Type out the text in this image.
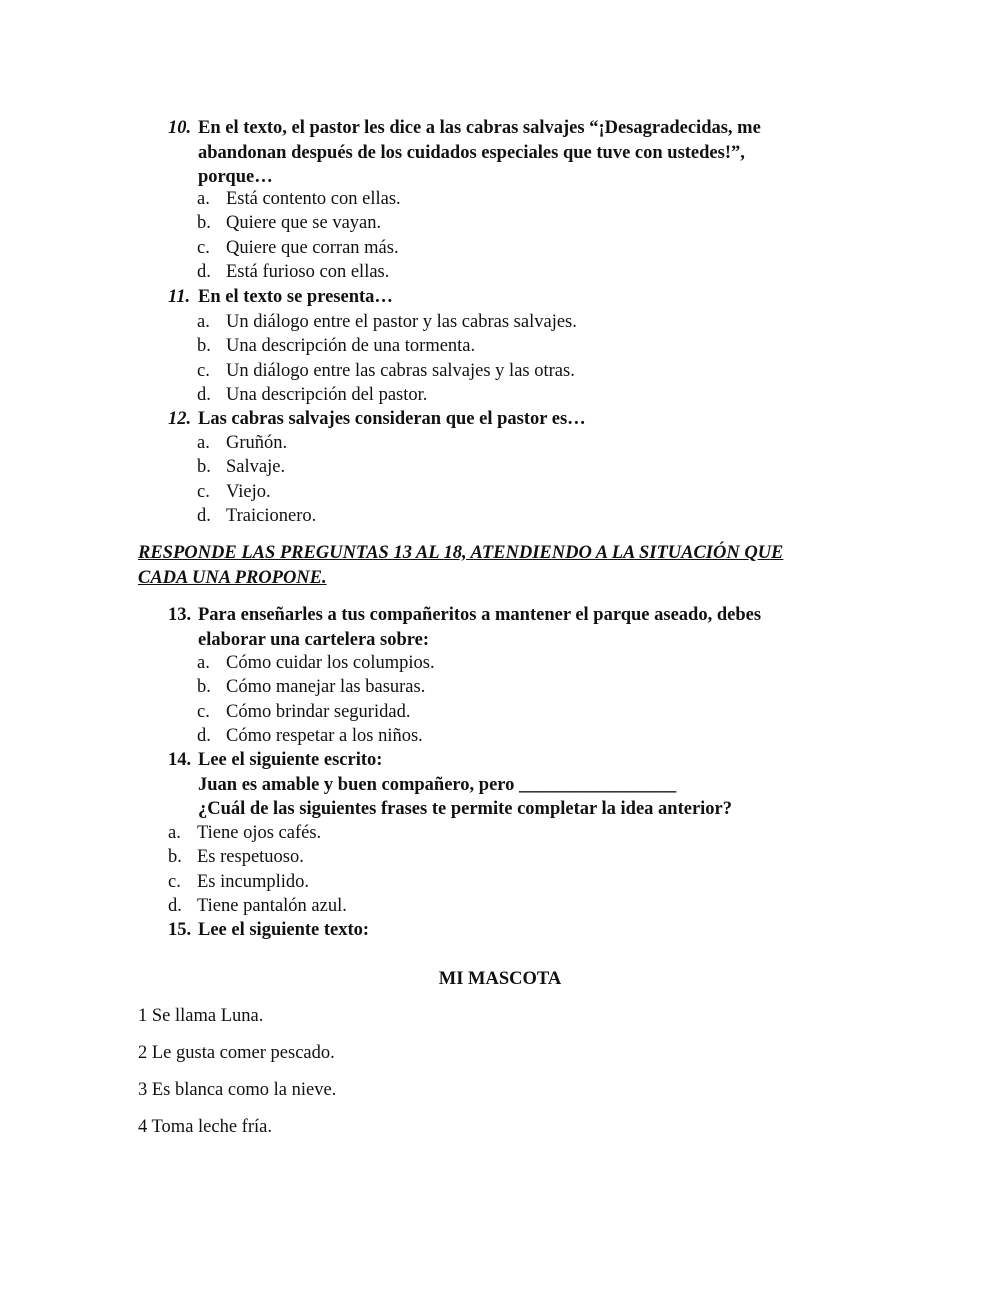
10. En el texto, el pastor les dice a las cabras salvajes “¡Desagradecidas, me
abandonan después de los cuidados especiales que tuve con ustedes!”,
porque…
a. Está contento con ellas.
b. Quiere que se vayan.
c. Quiere que corran más.
d. Está furioso con ellas.
11. En el texto se presenta…
a. Un diálogo entre el pastor y las cabras salvajes.
b. Una descripción de una tormenta.
c. Un diálogo entre las cabras salvajes y las otras.
d. Una descripción del pastor.
12. Las cabras salvajes consideran que el pastor es…
a. Gruñón.
b. Salvaje.
c. Viejo.
d. Traicionero.
RESPONDE LAS PREGUNTAS 13 AL 18, ATENDIENDO A LA SITUACIÓN QUE
CADA UNA PROPONE.
13. Para enseñarles a tus compañeritos a mantener el parque aseado, debes
elaborar una cartelera sobre:
a. Cómo cuidar los columpios.
b. Cómo manejar las basuras.
c. Cómo brindar seguridad.
d. Cómo respetar a los niños.
14. Lee el siguiente escrito:
Juan es amable y buen compañero, pero _________________
¿Cuál de las siguientes frases te permite completar la idea anterior?
a. Tiene ojos cafés.
b. Es respetuoso.
c. Es incumplido.
d. Tiene pantalón azul.
15. Lee el siguiente texto:
MI MASCOTA
1 Se llama Luna.
2 Le gusta comer pescado.
3 Es blanca como la nieve.
4 Toma leche fría.
